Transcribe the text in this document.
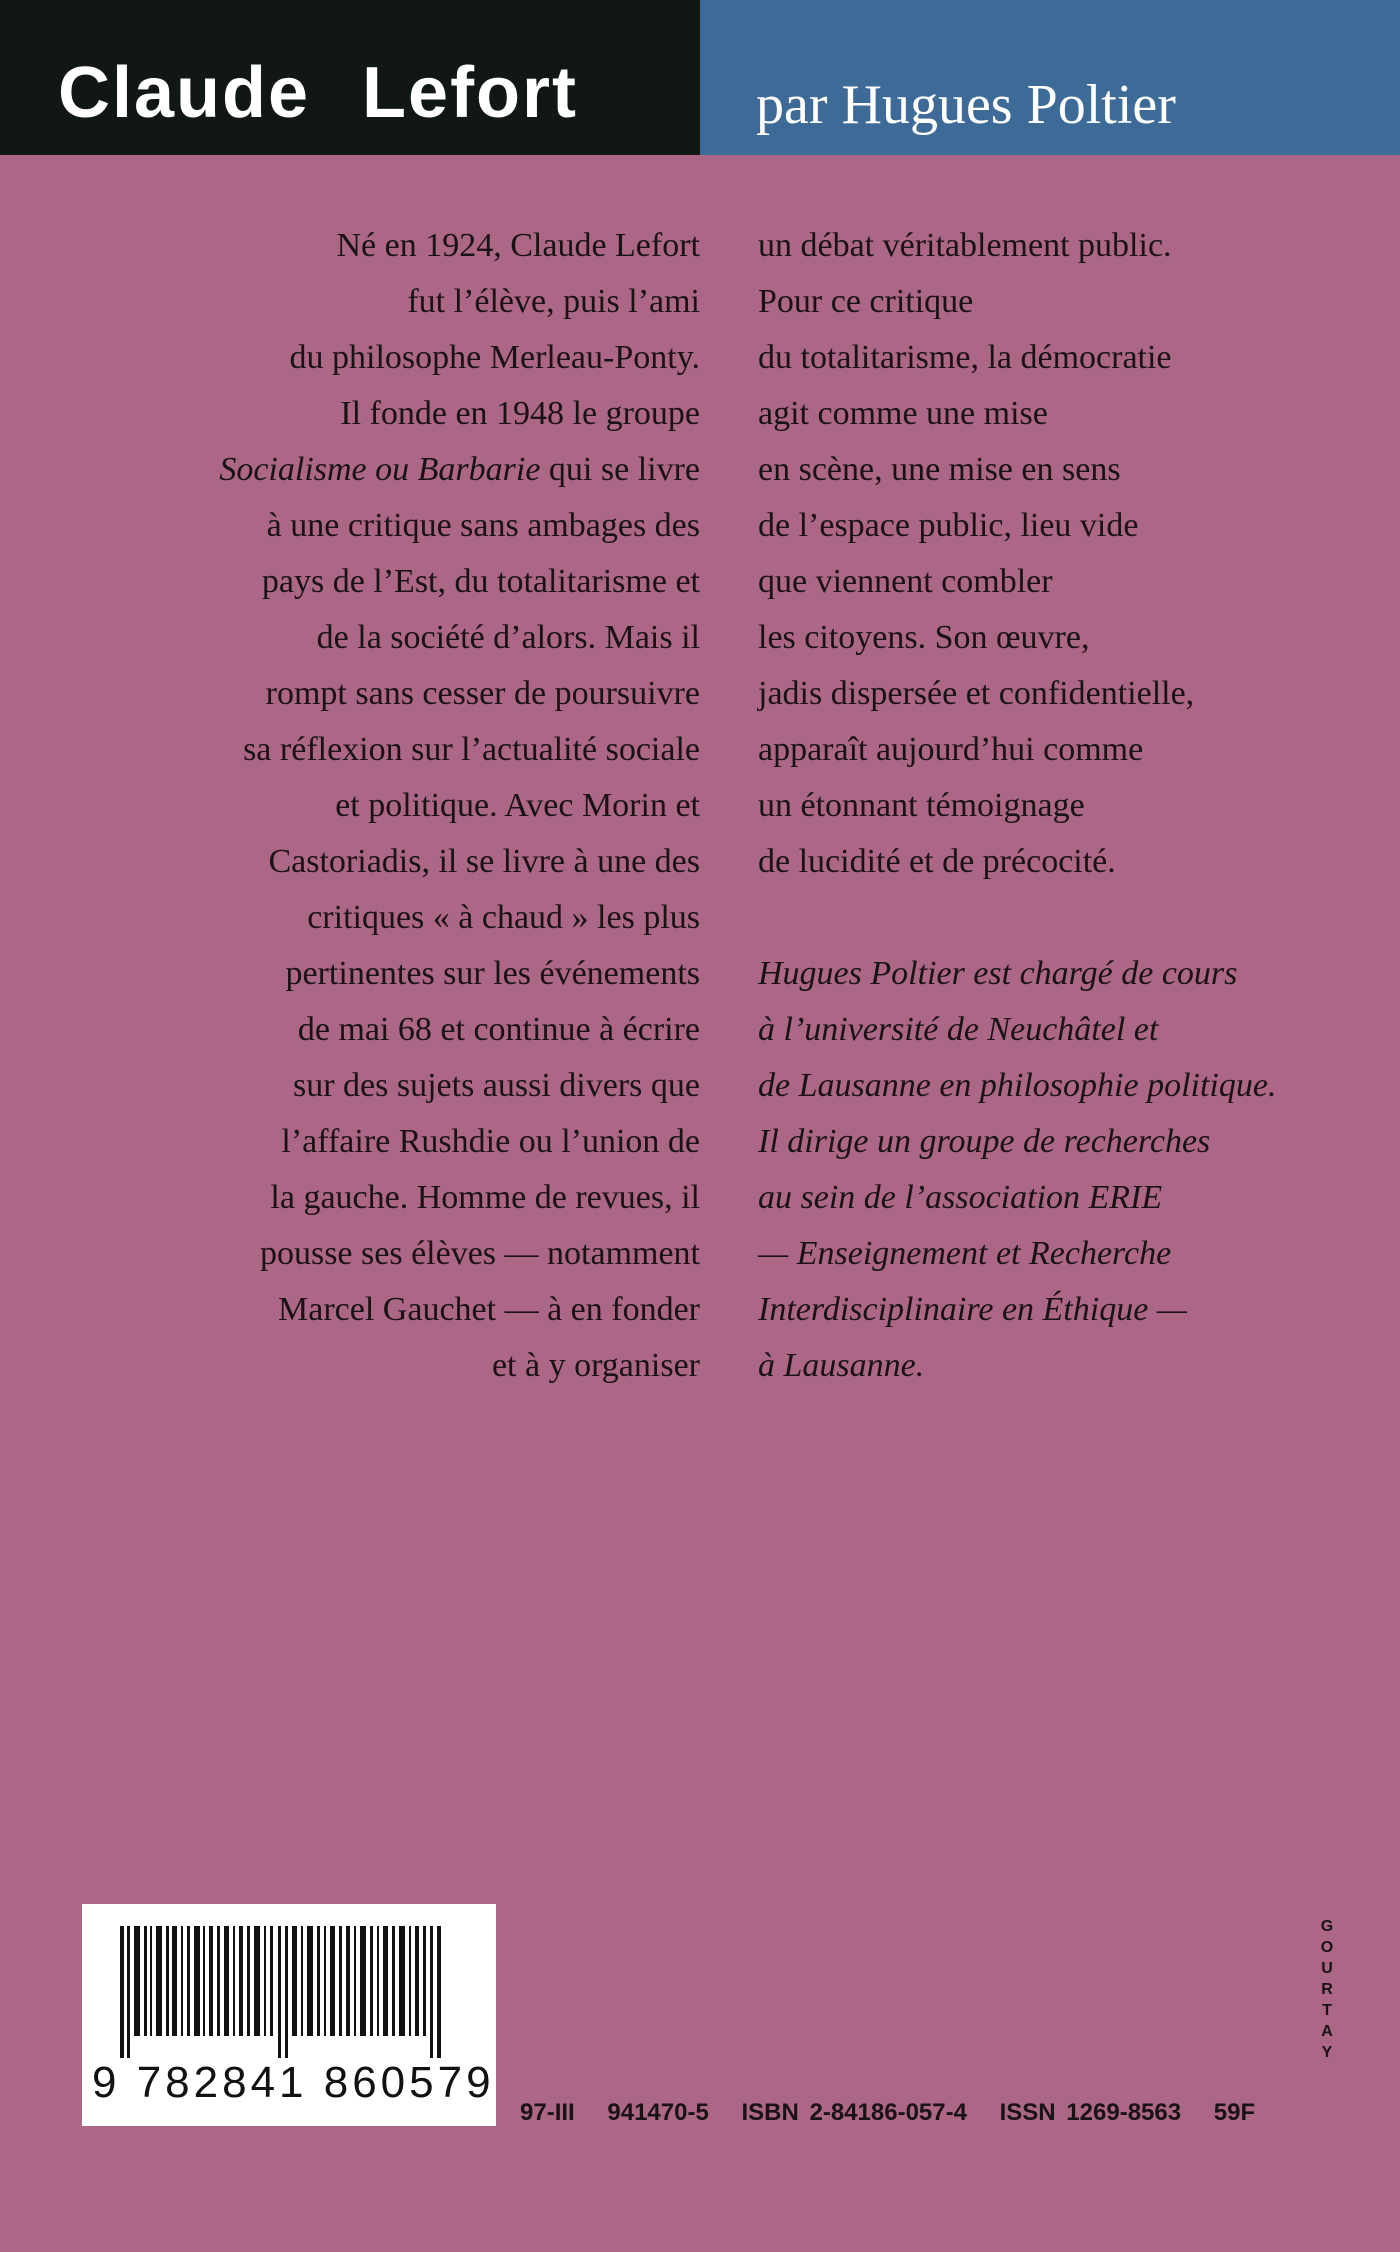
Claude Lefort	par Hugues Poltier

Né en 1924, Claude Lefort
fut l’élève, puis l’ami
du philosophe Merleau-Ponty.
Il fonde en 1948 le groupe
Socialisme ou Barbarie qui se livre
à une critique sans ambages des
pays de l’Est, du totalitarisme et
de la société d’alors. Mais il
rompt sans cesser de poursuivre
sa réflexion sur l’actualité sociale
et politique. Avec Morin et
Castoriadis, il se livre à une des
critiques « à chaud » les plus
pertinentes sur les événements
de mai 68 et continue à écrire
sur des sujets aussi divers que
l’affaire Rushdie ou l’union de
la gauche. Homme de revues, il
pousse ses élèves — notamment
Marcel Gauchet — à en fonder
et à y organiser
un débat véritablement public.
Pour ce critique
du totalitarisme, la démocratie
agit comme une mise
en scène, une mise en sens
de l’espace public, lieu vide
que viennent combler
les citoyens. Son œuvre,
jadis dispersée et confidentielle,
apparaît aujourd’hui comme
un étonnant témoignage
de lucidité et de précocité.
Hugues Poltier est chargé de cours
à l’université de Neuchâtel et
de Lausanne en philosophie politique.
Il dirige un groupe de recherches
au sein de l’association ERIE
— Enseignement et Recherche
Interdisciplinaire en Éthique —
à Lausanne.
9 782841 860579
G
O
U
R
T
A
Y
97-III 941470-5 ISBN 2-84186-057-4 ISSN 1269-8563 59F
